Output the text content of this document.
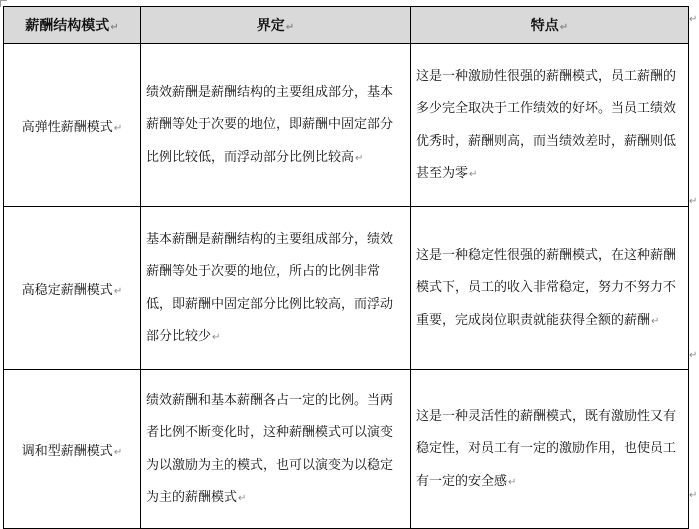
薪酬结构模式↵	界定↵	特点↵
高弹性薪酬模式↵	绩效薪酬是薪酬结构的主要组成部分，基本薪酬等处于次要的地位，即薪酬中固定部分比例比较低，而浮动部分比例比较高↵	这是一种激励性很强的薪酬模式，员工薪酬的多少完全取决于工作绩效的好坏。当员工绩效优秀时，薪酬则高，而当绩效差时，薪酬则低甚至为零↵

高稳定薪酬模式↵	基本薪酬是薪酬结构的主要组成部分，绩效薪酬等处于次要的地位，所占的比例非常低，即薪酬中固定部分比例比较高，而浮动部分比较少↵	这是一种稳定性很强的薪酬模式，在这种薪酬模式下，员工的收入非常稳定，努力不努力不重要，完成岗位职责就能获得全额的薪酬↵

调和型薪酬模式↵	绩效薪酬和基本薪酬各占一定的比例。当两者比例不断变化时，这种薪酬模式可以演变为以激励为主的模式，也可以演变为以稳定为主的薪酬模式↵	这是一种灵活性的薪酬模式，既有激励性又有稳定性，对员工有一定的激励作用，也使员工有一定的安全感↵
↵
↵
↵
↵
